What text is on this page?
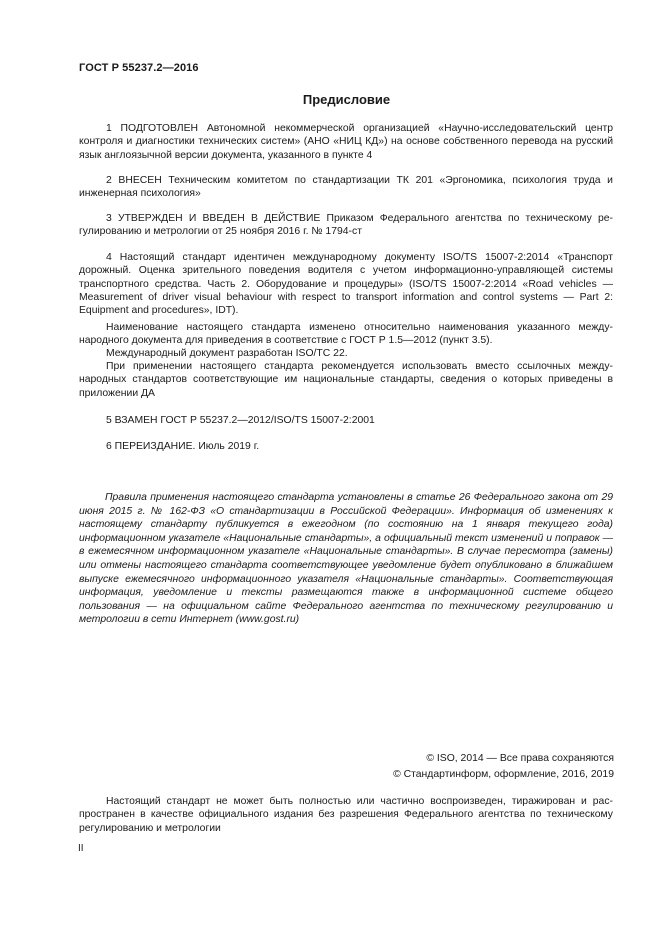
ГОСТ Р 55237.2—2016
Предисловие

1 ПОДГОТОВЛЕН Автономной некоммерческой организацией «Научно-исследовательский центр контроля и диагностики технических систем» (АНО «НИЦ КД») на основе собственного перевода на русский язык англоязычной версии документа, указанного в пункте 4

2 ВНЕСЕН Техническим комитетом по стандартизации ТК 201 «Эргономика, психология труда и инженерная психология»

3 УТВЕРЖДЕН И ВВЕДЕН В ДЕЙСТВИЕ Приказом Федерального агентства по техническому регулированию и метрологии от 25 ноября 2016 г. № 1794-ст

4 Настоящий стандарт идентичен международному документу ISO/TS 15007-2:2014 «Транспорт дорожный. Оценка зрительного поведения водителя с учетом информационно-управляющей системы транспортного средства. Часть 2. Оборудование и процедуры» (ISO/TS 15007-2:2014 «Road vehicles — Measurement of driver visual behaviour with respect to transport information and control systems — Part 2: Equipment and procedures», IDT).

Наименование настоящего стандарта изменено относительно наименования указанного международного документа для приведения в соответствие с ГОСТ Р 1.5—2012 (пункт 3.5).

Международный документ разработан ISO/TC 22.

При применении настоящего стандарта рекомендуется использовать вместо ссылочных международных стандартов соответствующие им национальные стандарты, сведения о которых приведены в приложении ДА

5 ВЗАМЕН ГОСТ Р 55237.2—2012/ISO/TS 15007-2:2001

6 ПЕРЕИЗДАНИЕ. Июль 2019 г.

Правила применения настоящего стандарта установлены в статье 26 Федерального закона от 29 июня 2015 г. № 162-ФЗ «О стандартизации в Российской Федерации». Информация об изменениях к настоящему стандарту публикуется в ежегодном (по состоянию на 1 января текущего года) информационном указателе «Национальные стандарты», а официальный текст изменений и поправок — в ежемесячном информационном указателе «Национальные стандарты». В случае пересмотра (замены) или отмены настоящего стандарта соответствующее уведомление будет опубликовано в ближайшем выпуске ежемесячного информационного указателя «Национальные стандарты». Соответствующая информация, уведомление и тексты размещаются также в информационной системе общего пользования — на официальном сайте Федерального агентства по техническому регулированию и метрологии в сети Интернет (www.gost.ru)

© ISO, 2014 — Все права сохраняются
© Стандартинформ, оформление, 2016, 2019

Настоящий стандарт не может быть полностью или частично воспроизведен, тиражирован и распространен в качестве официального издания без разрешения Федерального агентства по техническому регулированию и метрологии

II
